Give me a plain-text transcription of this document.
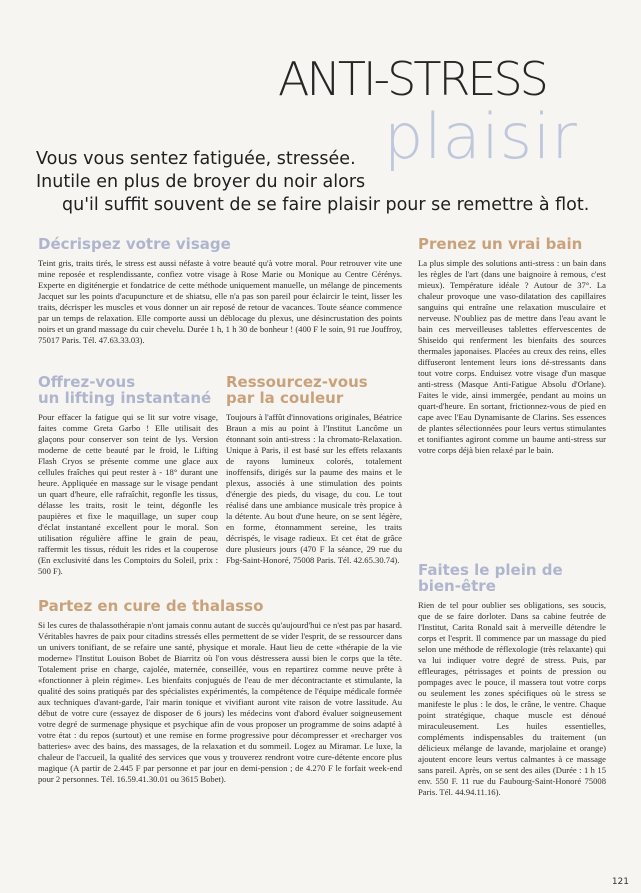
ANTI-STRESS
plaisir
Vous vous sentez fatiguée, stressée.
Inutile en plus de broyer du noir alors
qu'il suffit souvent de se faire plaisir pour se remettre à flot.
Décrispez votre visage

Teint gris, traits tirés, le stress est aussi néfaste à votre beauté qu'à votre moral. Pour retrouver vite une mine reposée et resplendissante, confiez votre visage à Rose Marie ou Monique au Centre Cérénys. Experte en digiténergie et fondatrice de cette méthode uniquement manuelle, un mélange de pincements Jacquet sur les points d'acupuncture et de shiatsu, elle n'a pas son pareil pour éclaircir le teint, lisser les traits, décrisper les muscles et vous donner un air reposé de retour de vacances. Toute séance commence par un temps de relaxation. Elle comporte aussi un déblocage du plexus, une désincrustation des points noirs et un grand massage du cuir chevelu. Durée 1 h, 1 h 30 de bonheur ! (400 F le soin, 91 rue Jouffroy, 75017 Paris. Tél. 47.63.33.03).

Offrez-vous
un lifting instantané

Pour effacer la fatigue qui se lit sur votre visage, faites comme Greta Garbo ! Elle utilisait des glaçons pour conserver son teint de lys. Version moderne de cette beauté par le froid, le Lifting Flash Cryos se présente comme une glace aux cellules fraîches qui peut rester à - 18° durant une heure. Appliquée en massage sur le visage pendant un quart d'heure, elle rafraîchit, regonfle les tissus, délasse les traits, rosit le teint, dégonfle les paupières et fixe le maquillage, un super coup d'éclat instantané excellent pour le moral. Son utilisation régulière affine le grain de peau, raffermit les tissus, réduit les rides et la couperose (En exclusivité dans les Comptoirs du Soleil, prix : 500 F).

Ressourcez-vous
par la couleur

Toujours à l'affût d'innovations originales, Béatrice Braun a mis au point à l'Institut Lancôme un étonnant soin anti-stress : la chromato-Relaxation. Unique à Paris, il est basé sur les effets relaxants de rayons lumineux colorés, totalement inoffensifs, dirigés sur la paume des mains et le plexus, associés à une stimulation des points d'énergie des pieds, du visage, du cou. Le tout réalisé dans une ambiance musicale très propice à la détente. Au bout d'une heure, on se sent légère, en forme, étonnamment sereine, les traits décrispés, le visage radieux. Et cet état de grâce dure plusieurs jours (470 F la séance, 29 rue du Fbg-Saint-Honoré, 75008 Paris. Tél. 42.65.30.74).

Partez en cure de thalasso

Si les cures de thalassothérapie n'ont jamais connu autant de succès qu'aujourd'hui ce n'est pas par hasard. Véritables havres de paix pour citadins stressés elles permettent de se vider l'esprit, de se ressourcer dans un univers tonifiant, de se refaire une santé, physique et morale. Haut lieu de cette «thérapie de la vie moderne» l'Institut Louison Bobet de Biarritz où l'on vous déstressera aussi bien le corps que la tête. Totalement prise en charge, cajolée, maternée, conseillée, vous en repartirez comme neuve prête à «fonctionner à plein régime». Les bienfaits conjugués de l'eau de mer décontractante et stimulante, la qualité des soins pratiqués par des spécialistes expérimentés, la compétence de l'équipe médicale formée aux techniques d'avant-garde, l'air marin tonique et vivifiant auront vite raison de votre lassitude. Au début de votre cure (essayez de disposer de 6 jours) les médecins vont d'abord évaluer soigneusement votre degré de surmenage physique et psychique afin de vous proposer un programme de soins adapté à votre état : du repos (surtout) et une remise en forme progressive pour décompresser et «recharger vos batteries» avec des bains, des massages, de la relaxation et du sommeil. Logez au Miramar. Le luxe, la chaleur de l'accueil, la qualité des services que vous y trouverez rendront votre cure-détente encore plus magique (A partir de 2.445 F par personne et par jour en demi-pension ; de 4.270 F le forfait week-end pour 2 personnes. Tél. 16.59.41.30.01 ou 3615 Bobet).

Prenez un vrai bain

La plus simple des solutions anti-stress : un bain dans les règles de l'art (dans une baignoire à remous, c'est mieux). Température idéale ? Autour de 37°. La chaleur provoque une vaso-dilatation des capillaires sanguins qui entraîne une relaxation musculaire et nerveuse. N'oubliez pas de mettre dans l'eau avant le bain ces merveilleuses tablettes effervescentes de Shiseido qui renferment les bienfaits des sources thermales japonaises. Placées au creux des reins, elles diffuseront lentement leurs ions dé-stressants dans tout votre corps. Enduisez votre visage d'un masque anti-stress (Masque Anti-Fatigue Absolu d'Orlane). Faites le vide, ainsi immergée, pendant au moins un quart-d'heure. En sortant, frictionnez-vous de pied en cape avec l'Eau Dynamisante de Clarins. Ses essences de plantes sélectionnées pour leurs vertus stimulantes et tonifiantes agiront comme un baume anti-stress sur votre corps déjà bien relaxé par le bain.

Faites le plein de
bien-être

Rien de tel pour oublier ses obligations, ses soucis, que de se faire dorloter. Dans sa cabine feutrée de l'Institut, Carita Ronald sait à merveille détendre le corps et l'esprit. Il commence par un massage du pied selon une méthode de réflexologie (très relaxante) qui va lui indiquer votre degré de stress. Puis, par effleurages, pétrissages et points de pression ou pompages avec le pouce, il massera tout votre corps ou seulement les zones spécifiques où le stress se manifeste le plus : le dos, le crâne, le ventre. Chaque point stratégique, chaque muscle est dénoué miraculeusement. Les huiles essentielles, compléments indispensables du traitement (un délicieux mélange de lavande, marjolaine et orange) ajoutent encore leurs vertus calmantes à ce massage sans pareil. Après, on se sent des ailes (Durée : 1 h 15 env. 550 F. 11 rue du Faubourg-Saint-Honoré 75008 Paris. Tél. 44.94.11.16).

121
